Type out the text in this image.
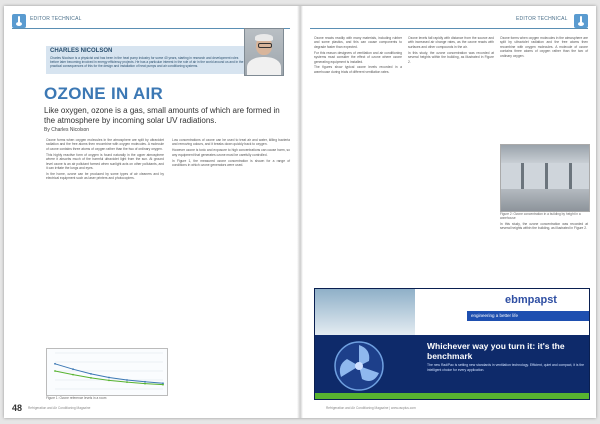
EDITOR TECHNICAL
CHARLES NICOLSON
Charles Nicolson is a physicist and has been in the heat pump industry for some 40 years, starting in research and development roles before later becoming involved in energy efficiency projects. He has a particular interest in the role of air in the world around us and in the practical consequences of this for the design and installation of heat pumps and air conditioning systems.
OZONE IN AIR
Like oxygen, ozone is a gas, small amounts of which are formed in the atmosphere by incoming solar UV radiations.
By Charles Nicolson

Ozone forms when oxygen molecules in the atmosphere are split by ultraviolet radiation and the free atoms then recombine with oxygen molecules. A molecule of ozone contains three atoms of oxygen rather than the two of ordinary oxygen.

This highly reactive form of oxygen is found naturally in the upper atmosphere where it absorbs much of the harmful ultraviolet light from the sun. At ground level ozone is an air pollutant formed when sunlight acts on other pollutants, and it can irritate the lungs and eyes.

In the home, ozone can be produced by some types of air cleaners and by electrical equipment such as laser printers and photocopiers.

Low concentrations of ozone can be used to treat air and water, killing bacteria and removing odours, and it breaks down quickly back to oxygen.

However ozone is toxic and exposure to high concentrations can cause harm, so any equipment that generates ozone must be carefully controlled.

In Figure 1, the measured ozone concentration is shown for a range of conditions in which ozone generators were used.

Figure 1: Ozone reference levels in a room
48 Refrigeration and Air Conditioning Magazine
EDITOR TECHNICAL

Ozone reacts readily with many materials, including rubber and some plastics, and this can cause components to degrade faster than expected.

For this reason designers of ventilation and air conditioning systems must consider the effect of ozone where ozone generating equipment is installed.

The figures show typical ozone levels recorded in a warehouse during trials of different ventilation rates.

Ozone levels fall rapidly with distance from the source and with increased air change rates, as the ozone reacts with surfaces and other compounds in the air.

In this study, the ozone concentration was recorded at several heights within the building, as illustrated in Figure 2.

Ozone forms when oxygen molecules in the atmosphere are split by ultraviolet radiation and the free atoms then recombine with oxygen molecules. A molecule of ozone contains three atoms of oxygen rather than the two of ordinary oxygen.

Figure 2: Ozone concentration in a building by height in a warehouse

In this study, the ozone concentration was recorded at several heights within the building, as illustrated in Figure 2.

ebmpapst
engineering a better life
Whichever way you turn it: it's the benchmark
The new RadiPac is setting new standards in ventilation technology. Efficient, quiet and compact, it is the intelligent choice for every application.
Refrigeration and Air Conditioning Magazine | www.racplus.com
